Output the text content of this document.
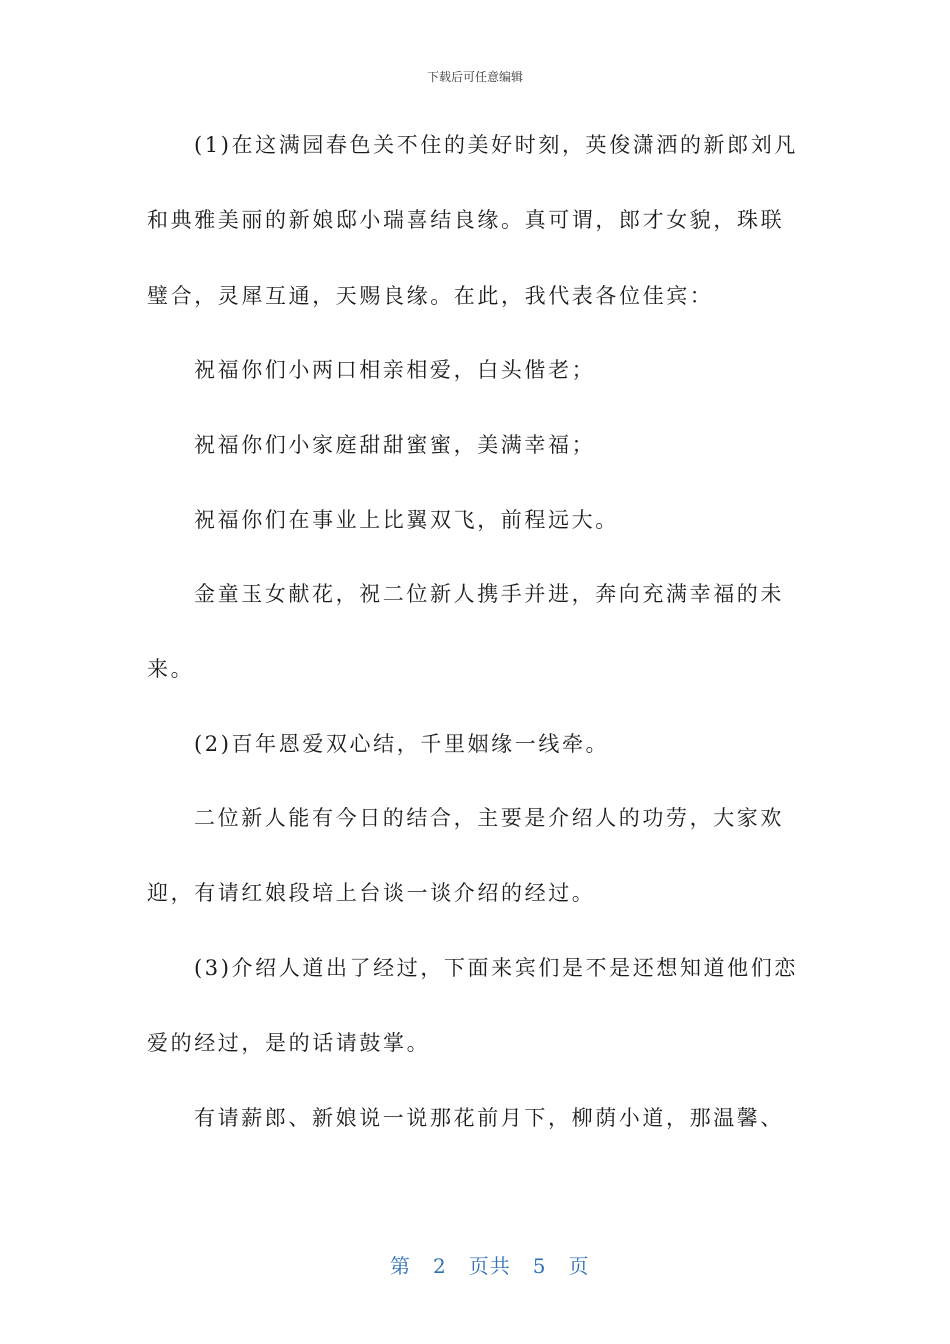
下载后可任意编辑
(1)在这满园春色关不住的美好时刻，英俊潇洒的新郎刘凡
和典雅美丽的新娘邸小瑞喜结良缘。真可谓，郎才女貌，珠联
璧合，灵犀互通，天赐良缘。在此，我代表各位佳宾：
祝福你们小两口相亲相爱，白头偕老；
祝福你们小家庭甜甜蜜蜜，美满幸福；
祝福你们在事业上比翼双飞，前程远大。
金童玉女献花，祝二位新人携手并进，奔向充满幸福的未
来。
(2)百年恩爱双心结，千里姻缘一线牵。
二位新人能有今日的结合，主要是介绍人的功劳，大家欢
迎，有请红娘段培上台谈一谈介绍的经过。
(3)介绍人道出了经过，下面来宾们是不是还想知道他们恋
爱的经过，是的话请鼓掌。
有请薪郎、新娘说一说那花前月下，柳荫小道，那温馨、

第 2 页共 5 页
